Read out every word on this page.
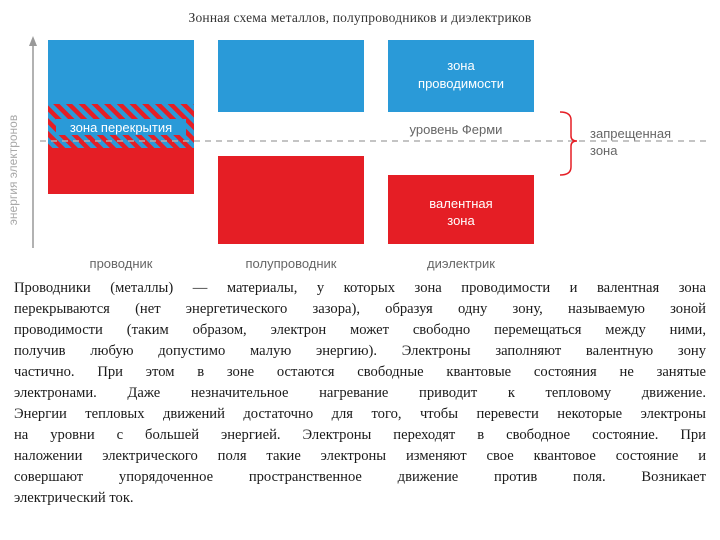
Зонная схема металлов, полупроводников и диэлектриков
энергия электронов	зона перекрытия
зона
проводимости
валентная
зона
уровень Ферми	запрещенная
зона
проводник	полупроводник	диэлектрик
Проводники (металлы) — материалы, у которых зона проводимости и валентная зона
перекрываются (нет энергетического зазора), образуя одну зону, называемую зоной
проводимости (таким образом, электрон может свободно перемещаться между ними,
получив любую допустимо малую энергию). Электроны заполняют валентную зону
частично. При этом в зоне остаются свободные квантовые состояния не занятые
электронами. Даже незначительное нагревание приводит к тепловому движение.
Энергии тепловых движений достаточно для того, чтобы перевести некоторые электроны
на уровни с большей энергией. Электроны переходят в свободное состояние. При
наложении электрического поля такие электроны изменяют свое квантовое состояние и
совершают упорядоченное пространственное движение против поля. Возникает
электрический ток.
